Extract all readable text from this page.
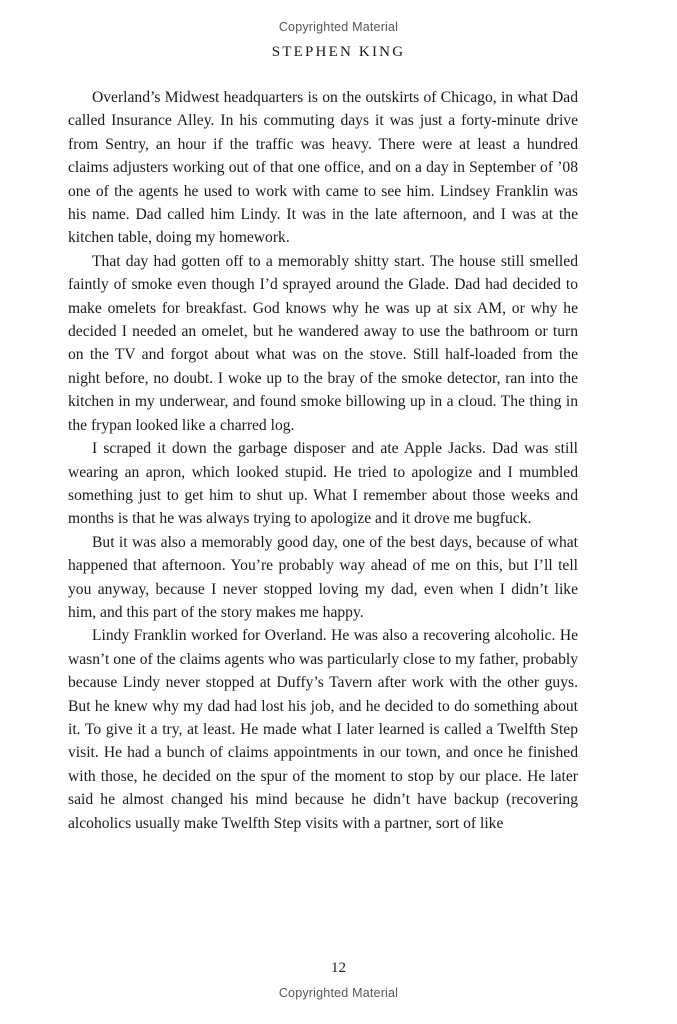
Copyrighted Material
STEPHEN KING

Overland’s Midwest headquarters is on the outskirts of Chicago, in what Dad called Insurance Alley. In his commuting days it was just a forty-minute drive from Sentry, an hour if the traffic was heavy. There were at least a hundred claims adjusters working out of that one office, and on a day in September of ’08 one of the agents he used to work with came to see him. Lindsey Franklin was his name. Dad called him Lindy. It was in the late afternoon, and I was at the kitchen table, doing my homework.

That day had gotten off to a memorably shitty start. The house still smelled faintly of smoke even though I’d sprayed around the Glade. Dad had decided to make omelets for breakfast. God knows why he was up at six AM, or why he decided I needed an omelet, but he wandered away to use the bathroom or turn on the TV and forgot about what was on the stove. Still half-loaded from the night before, no doubt. I woke up to the bray of the smoke detector, ran into the kitchen in my underwear, and found smoke billowing up in a cloud. The thing in the frypan looked like a charred log.

I scraped it down the garbage disposer and ate Apple Jacks. Dad was still wearing an apron, which looked stupid. He tried to apologize and I mumbled something just to get him to shut up. What I remember about those weeks and months is that he was always trying to apologize and it drove me bugfuck.

But it was also a memorably good day, one of the best days, because of what happened that afternoon. You’re probably way ahead of me on this, but I’ll tell you anyway, because I never stopped loving my dad, even when I didn’t like him, and this part of the story makes me happy.

Lindy Franklin worked for Overland. He was also a recovering alcoholic. He wasn’t one of the claims agents who was particularly close to my father, probably because Lindy never stopped at Duffy’s Tavern after work with the other guys. But he knew why my dad had lost his job, and he decided to do something about it. To give it a try, at least. He made what I later learned is called a Twelfth Step visit. He had a bunch of claims appointments in our town, and once he finished with those, he decided on the spur of the moment to stop by our place. He later said he almost changed his mind because he didn’t have backup (recovering alcoholics usually make Twelfth Step visits with a partner, sort of like

12
Copyrighted Material
